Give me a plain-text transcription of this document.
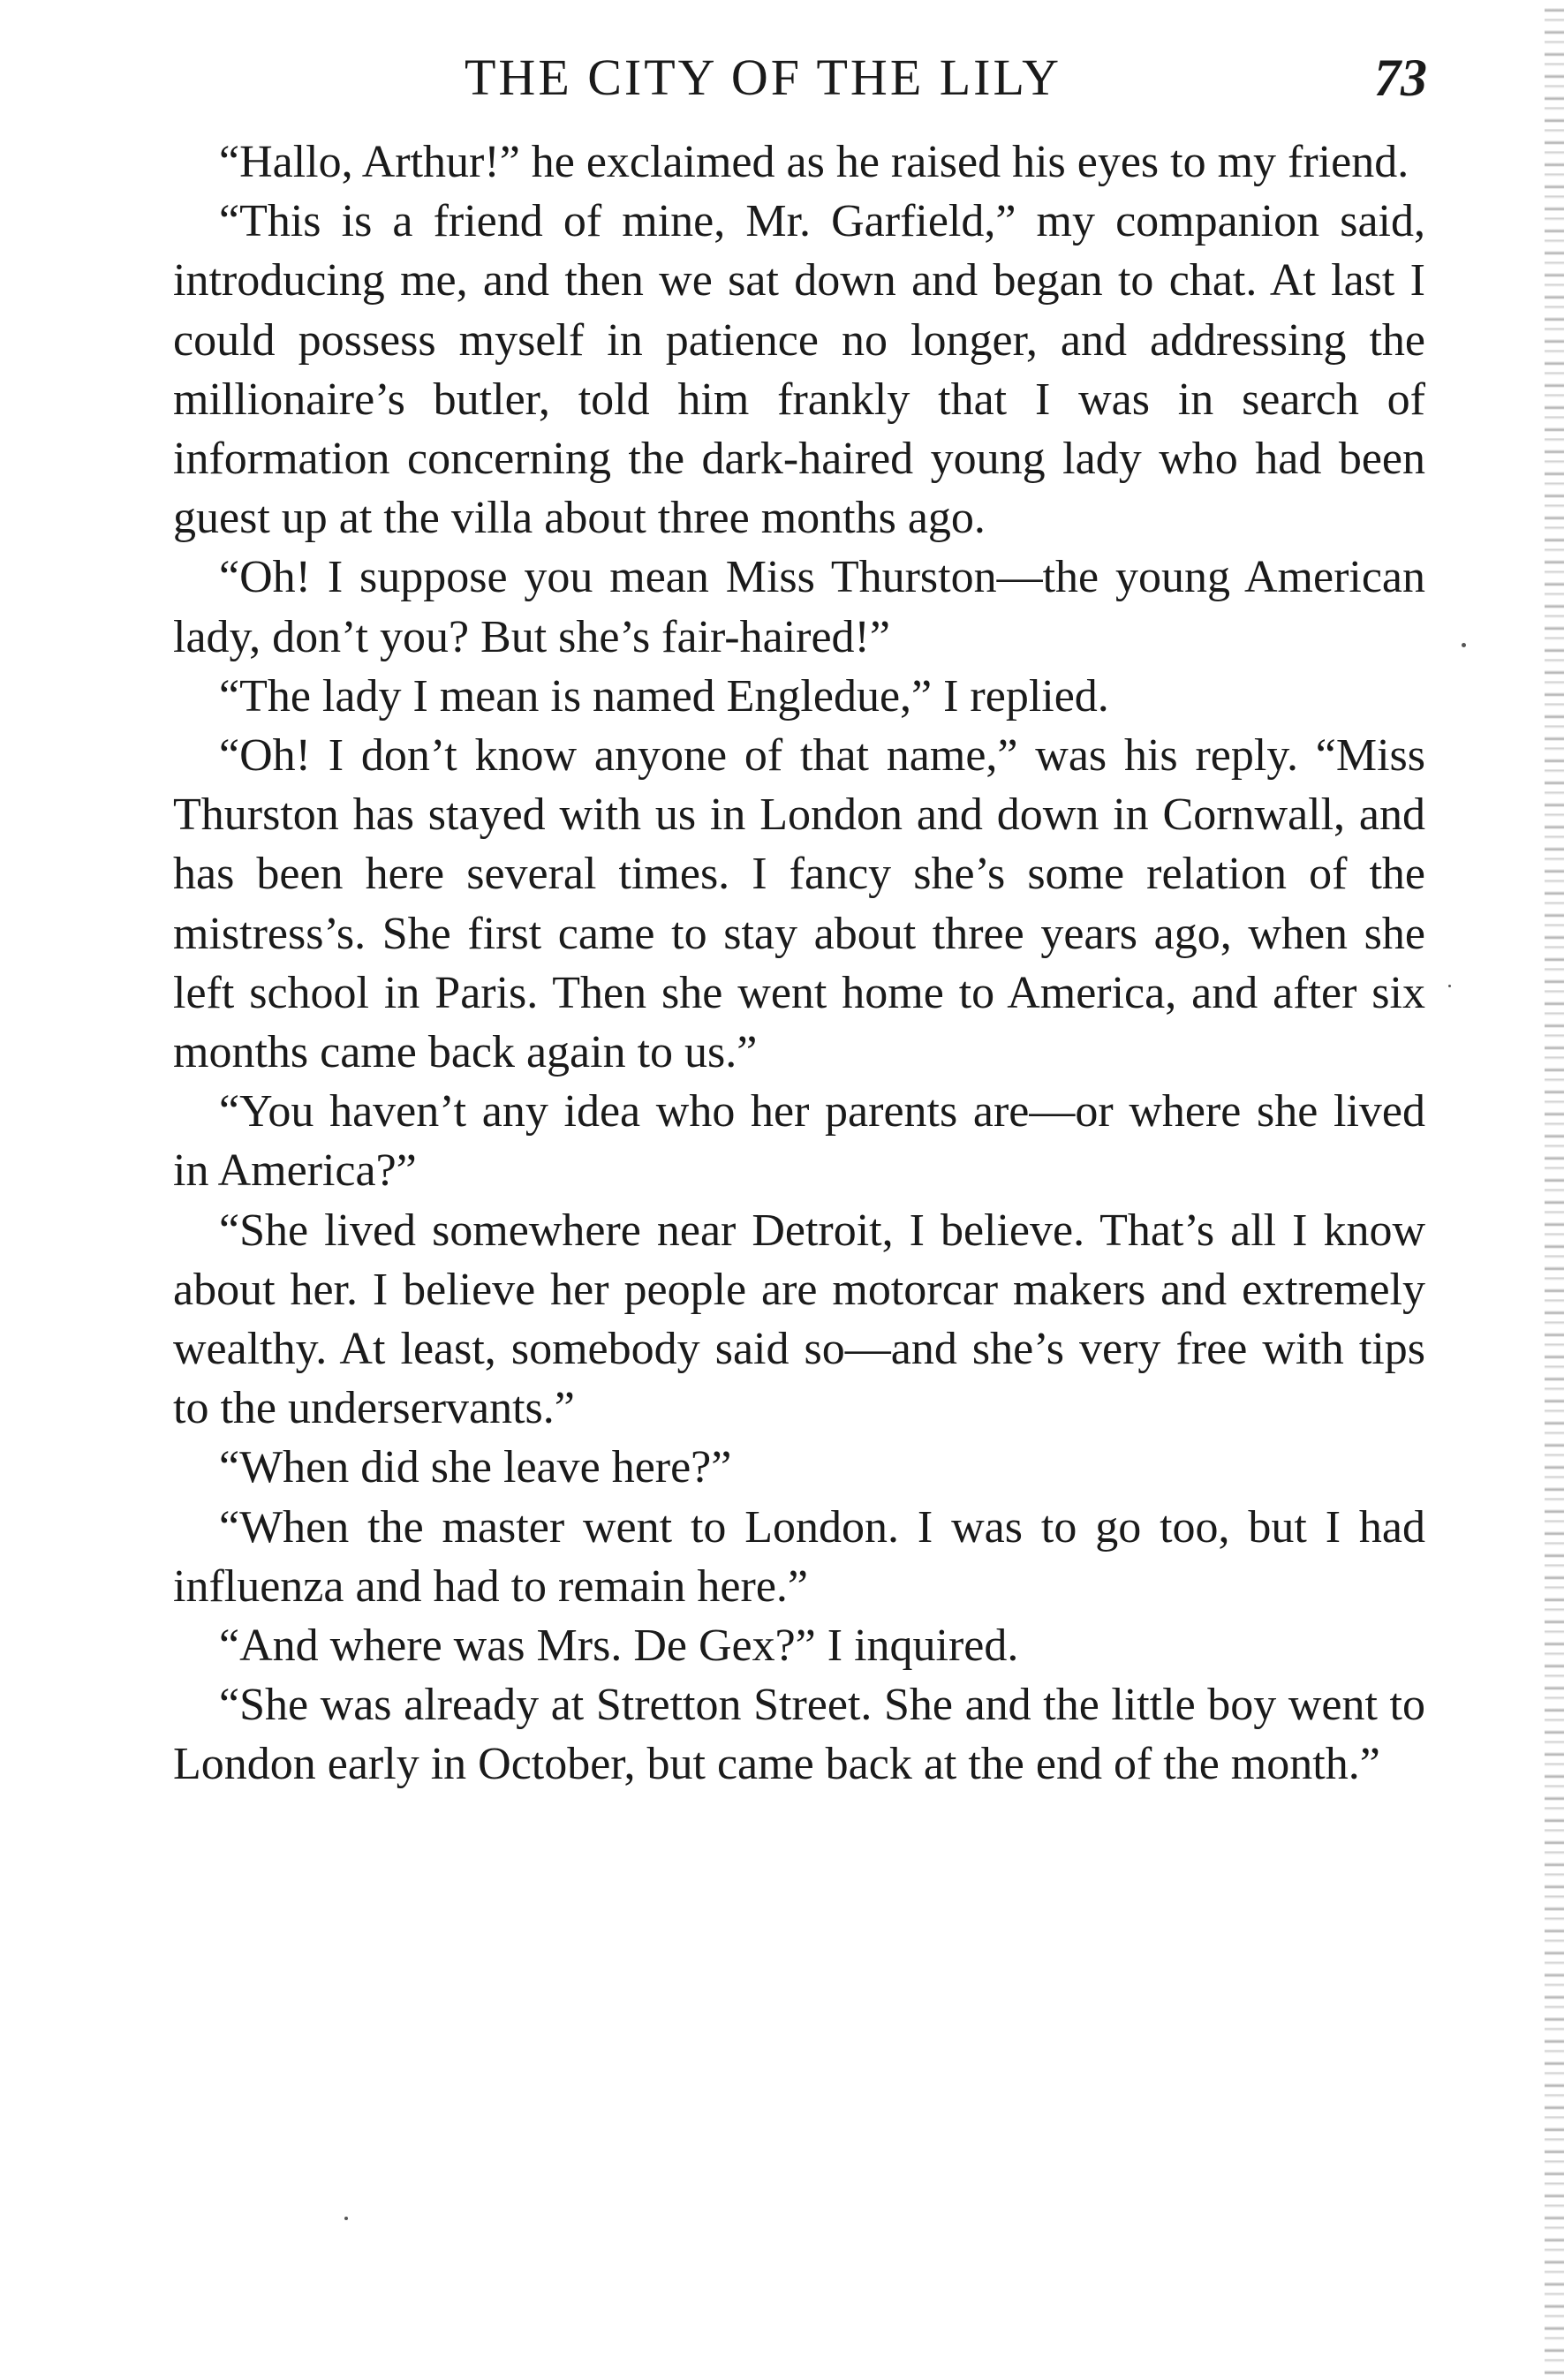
THE CITY OF THE LILY	73

“Hallo, Arthur!” he exclaimed as he raised his eyes to my friend.

“This is a friend of mine, Mr. Garfield,” my companion said, introducing me, and then we sat down and began to chat. At last I could possess myself in patience no longer, and addressing the millionaire’s butler, told him frankly that I was in search of information concerning the dark-haired young lady who had been guest up at the villa about three months ago.

“Oh! I suppose you mean Miss Thurston—the young American lady, don’t you? But she’s fair-haired!”

“The lady I mean is named Engledue,” I replied.

“Oh! I don’t know anyone of that name,” was his reply. “Miss Thurston has stayed with us in London and down in Cornwall, and has been here several times. I fancy she’s some relation of the mistress’s. She first came to stay about three years ago, when she left school in Paris. Then she went home to America, and after six months came back again to us.”

“You haven’t any idea who her parents are—or where she lived in America?”

“She lived somewhere near Detroit, I believe. That’s all I know about her. I believe her people are motorcar makers and extremely wealthy. At least, somebody said so—and she’s very free with tips to the underservants.”

“When did she leave here?”

“When the master went to London. I was to go too, but I had influenza and had to remain here.”

“And where was Mrs. De Gex?” I inquired.

“She was already at Stretton Street. She and the little boy went to London early in October, but came back at the end of the month.”
